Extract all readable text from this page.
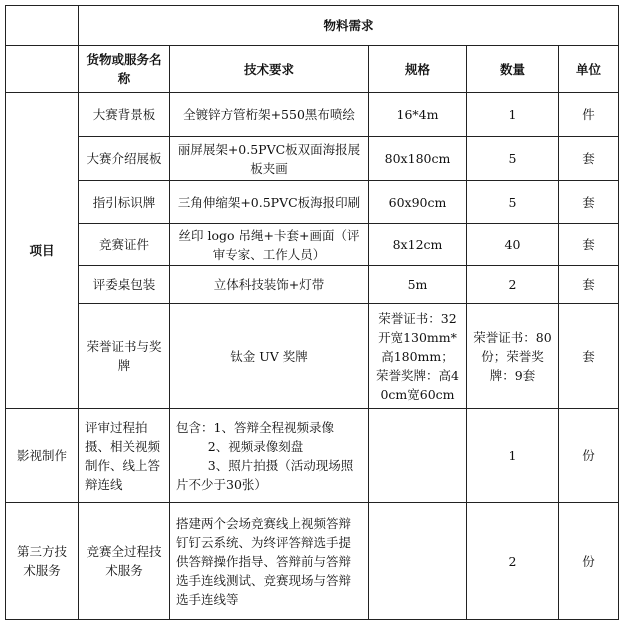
	物料需求				
	货物或服务名称	技术要求	规格	数量	单位
项目	大赛背景板	全镀锌方管桁架+550黑布喷绘	16*4m	1	件
	大赛介绍展板	丽屏展架+0.5PVC板双面海报展板夹画	80x180cm	5	套
	指引标识牌	三角伸缩架+0.5PVC板海报印刷	60x90cm	5	套
	竞赛证件	丝印 logo 吊绳+卡套+画面（评审专家、工作人员）	8x12cm	40	套
	评委桌包装	立体科技装饰+灯带	5m	2	套
	荣誉证书与奖牌	钛金 UV 奖牌	荣誉证书：32开宽130mm*高180mm；荣誉奖牌：高40cm宽60cm	荣誉证书：80份；荣誉奖牌：9套	套
影视制作	评审过程拍摄、相关视频制作、线上答辩连线	包含：1、答辩全程视频录像
2、视频录像刻盘
3、照片拍摄（活动现场照片不少于30张）		1	份
第三方技术服务	竞赛全过程技术服务	搭建两个会场竞赛线上视频答辩钉钉云系统、为终评答辩选手提供答辩操作指导、答辩前与答辩选手连线测试、竞赛现场与答辩选手连线等		2	份
